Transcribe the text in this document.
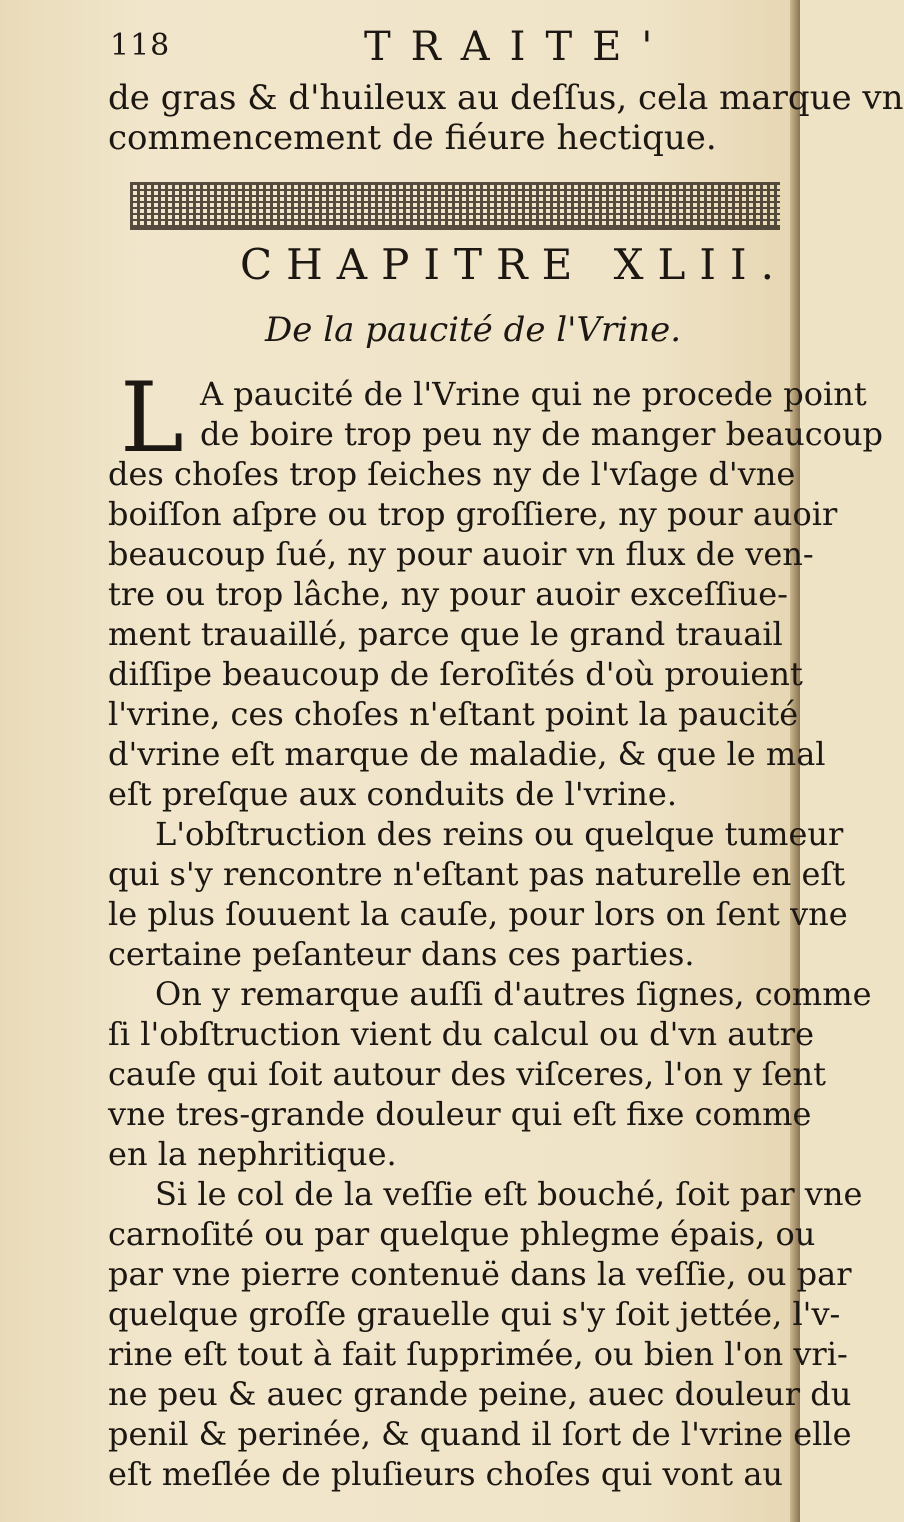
118	TRAITE'
de gras & d'huileux au deſſus, cela marque vn
commencement de fiéure hectique.
CHAPITRE XLII.
De la paucité de l'Vrine.
L A paucité de l'Vrine qui ne procede point
de boire trop peu ny de manger beaucoup
des choſes trop ſeiches ny de l'vſage d'vne
boiſſon aſpre ou trop groſſiere, ny pour auoir
beaucoup ſué, ny pour auoir vn flux de ven-
tre ou trop lâche, ny pour auoir exceſſiue-
ment trauaillé, parce que le grand trauail
diſſipe beaucoup de ſeroſités d'où prouient
l'vrine, ces choſes n'eſtant point la paucité
d'vrine eſt marque de maladie, & que le mal
eſt preſque aux conduits de l'vrine.
L'obſtruction des reins ou quelque tumeur
qui s'y rencontre n'eſtant pas naturelle en eſt
le plus ſouuent la cauſe, pour lors on ſent vne
certaine peſanteur dans ces parties.
On y remarque auſſi d'autres ſignes, comme
ſi l'obſtruction vient du calcul ou d'vn autre
cauſe qui ſoit autour des viſceres, l'on y ſent
vne tres-grande douleur qui eſt fixe comme
en la nephritique.
Si le col de la veſſie eſt bouché, ſoit par vne
carnoſité ou par quelque phlegme épais, ou
par vne pierre contenuë dans la veſſie, ou par
quelque groſſe grauelle qui s'y ſoit jettée, l'v-
rine eſt tout à fait ſupprimée, ou bien l'on vri-
ne peu & auec grande peine, auec douleur du
penil & perinée, & quand il ſort de l'vrine elle
eſt meſlée de pluſieurs choſes qui vont au
